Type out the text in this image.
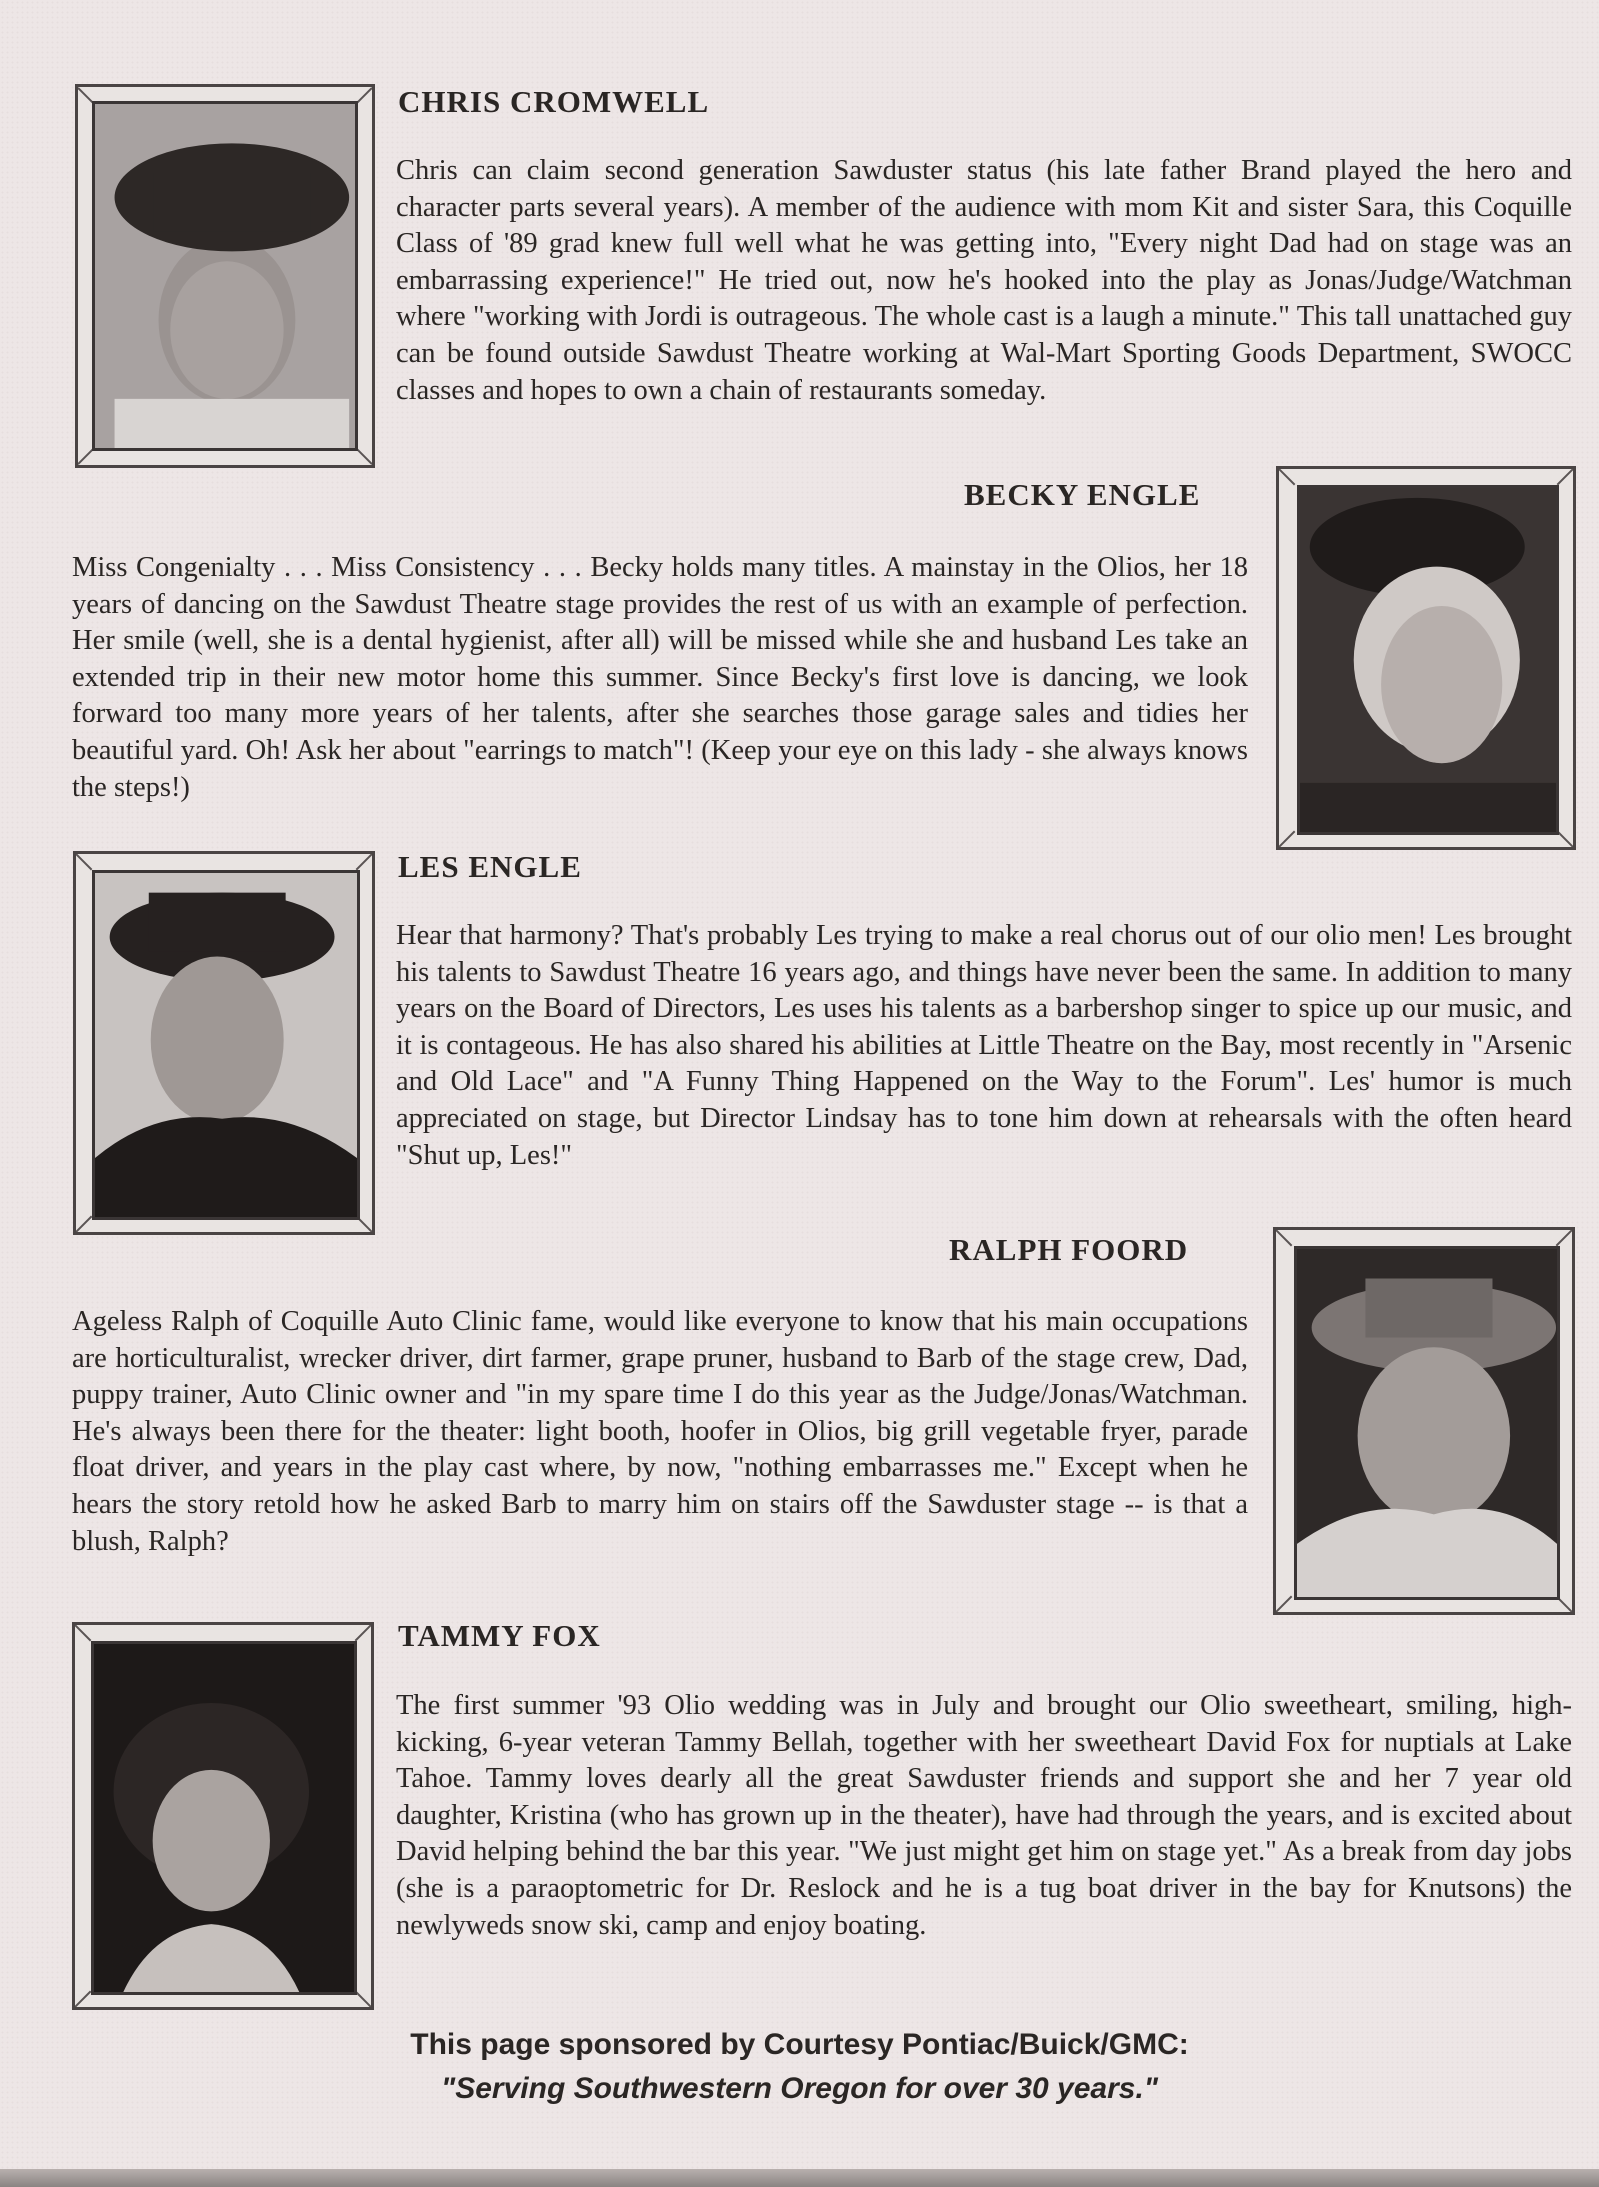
CHRIS CROMWELL
Chris can claim second generation Sawduster status (his late father Brand played the hero and character parts several years). A member of the audience with mom Kit and sister Sara, this Coquille Class of '89 grad knew full well what he was getting into, "Every night Dad had on stage was an embarrassing experience!" He tried out, now he's hooked into the play as Jonas/Judge/Watchman where "working with Jordi is outrageous. The whole cast is a laugh a minute." This tall unattached guy can be found outside Sawdust Theatre working at Wal-Mart Sporting Goods Department, SWOCC classes and hopes to own a chain of restaurants someday.
BECKY ENGLE
Miss Congenialty . . . Miss Consistency . . . Becky holds many titles. A mainstay in the Olios, her 18 years of dancing on the Sawdust Theatre stage provides the rest of us with an example of perfection. Her smile (well, she is a dental hygienist, after all) will be missed while she and husband Les take an extended trip in their new motor home this summer. Since Becky's first love is dancing, we look forward too many more years of her talents, after she searches those garage sales and tidies her beautiful yard. Oh! Ask her about "earrings to match"! (Keep your eye on this lady - she always knows the steps!)
LES ENGLE
Hear that harmony? That's probably Les trying to make a real chorus out of our olio men! Les brought his talents to Sawdust Theatre 16 years ago, and things have never been the same. In addition to many years on the Board of Directors, Les uses his talents as a barbershop singer to spice up our music, and it is contageous. He has also shared his abilities at Little Theatre on the Bay, most recently in "Arsenic and Old Lace" and "A Funny Thing Happened on the Way to the Forum". Les' humor is much appreciated on stage, but Director Lindsay has to tone him down at rehearsals with the often heard "Shut up, Les!"
RALPH FOORD
Ageless Ralph of Coquille Auto Clinic fame, would like everyone to know that his main occupations are horticulturalist, wrecker driver, dirt farmer, grape pruner, husband to Barb of the stage crew, Dad, puppy trainer, Auto Clinic owner and "in my spare time I do this year as the Judge/Jonas/Watchman. He's always been there for the theater: light booth, hoofer in Olios, big grill vegetable fryer, parade float driver, and years in the play cast where, by now, "nothing embarrasses me." Except when he hears the story retold how he asked Barb to marry him on stairs off the Sawduster stage -- is that a blush, Ralph?
TAMMY FOX
The first summer '93 Olio wedding was in July and brought our Olio sweetheart, smiling, high-kicking, 6-year veteran Tammy Bellah, together with her sweetheart David Fox for nuptials at Lake Tahoe. Tammy loves dearly all the great Sawduster friends and support she and her 7 year old daughter, Kristina (who has grown up in the theater), have had through the years, and is excited about David helping behind the bar this year. "We just might get him on stage yet." As a break from day jobs (she is a paraoptometric for Dr. Reslock and he is a tug boat driver in the bay for Knutsons) the newlyweds snow ski, camp and enjoy boating.
This page sponsored by Courtesy Pontiac/Buick/GMC:
"Serving Southwestern Oregon for over 30 years."
